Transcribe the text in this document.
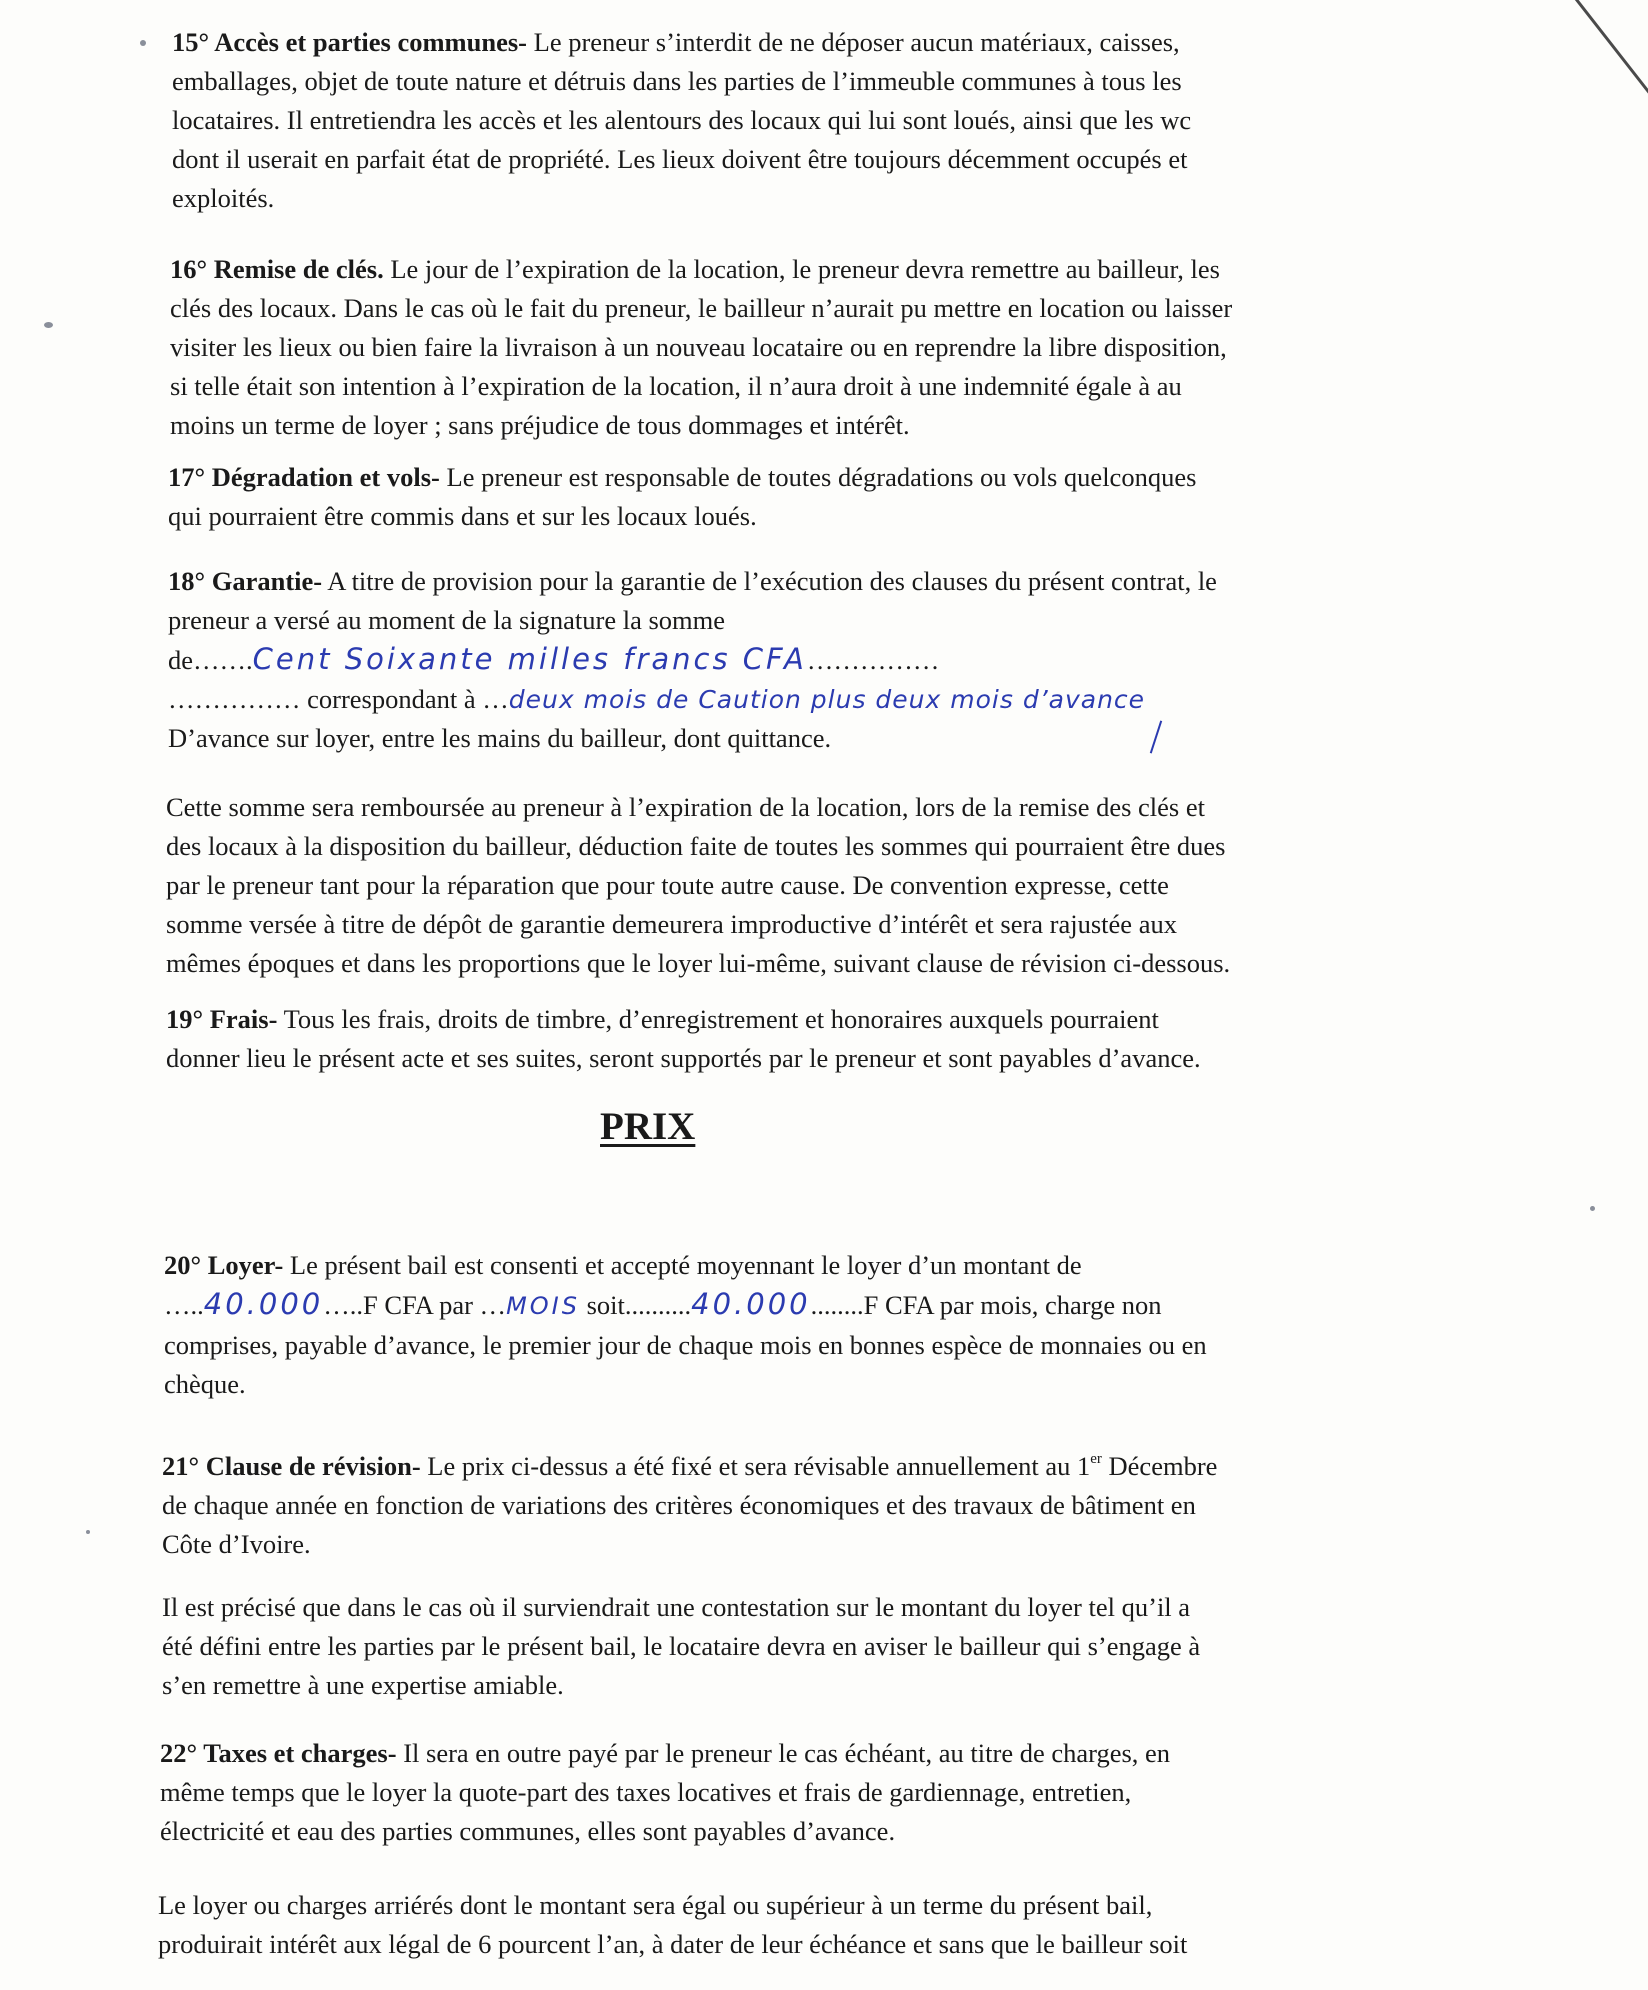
15° Accès et parties communes- Le preneur s’interdit de ne déposer aucun matériaux, caisses,
emballages, objet de toute nature et détruis dans les parties de l’immeuble communes à tous les
locataires. Il entretiendra les accès et les alentours des locaux qui lui sont loués, ainsi que les wc
dont il userait en parfait état de propriété. Les lieux doivent être toujours décemment occupés et
exploités.
16° Remise de clés. Le jour de l’expiration de la location, le preneur devra remettre au bailleur, les
clés des locaux. Dans le cas où le fait du preneur, le bailleur n’aurait pu mettre en location ou laisser
visiter les lieux ou bien faire la livraison à un nouveau locataire ou en reprendre la libre disposition,
si telle était son intention à l’expiration de la location, il n’aura droit à une indemnité égale à au
moins un terme de loyer ; sans préjudice de tous dommages et intérêt.
17° Dégradation et vols- Le preneur est responsable de toutes dégradations ou vols quelconques
qui pourraient être commis dans et sur les locaux loués.
18° Garantie- A titre de provision pour la garantie de l’exécution des clauses du présent contrat, le
preneur a versé au moment de la signature la somme
de…….Cent Soixante milles francs CFA……………
…………… correspondant à …deux mois de Caution plus deux mois d’avance
D’avance sur loyer, entre les mains du bailleur, dont quittance.
Cette somme sera remboursée au preneur à l’expiration de la location, lors de la remise des clés et
des locaux à la disposition du bailleur, déduction faite de toutes les sommes qui pourraient être dues
par le preneur tant pour la réparation que pour toute autre cause. De convention expresse, cette
somme versée à titre de dépôt de garantie demeurera improductive d’intérêt et sera rajustée aux
mêmes époques et dans les proportions que le loyer lui-même, suivant clause de révision ci-dessous.
19° Frais- Tous les frais, droits de timbre, d’enregistrement et honoraires auxquels pourraient
donner lieu le présent acte et ses suites, seront supportés par le preneur et sont payables d’avance.
PRIX
20° Loyer- Le présent bail est consenti et accepté moyennant le loyer d’un montant de
…..40.000…..F CFA par …MOIS soit..........40.000........F CFA par mois, charge non
comprises, payable d’avance, le premier jour de chaque mois en bonnes espèce de monnaies ou en
chèque.
21° Clause de révision- Le prix ci-dessus a été fixé et sera révisable annuellement au 1er Décembre
de chaque année en fonction de variations des critères économiques et des travaux de bâtiment en
Côte d’Ivoire.
Il est précisé que dans le cas où il surviendrait une contestation sur le montant du loyer tel qu’il a
été défini entre les parties par le présent bail, le locataire devra en aviser le bailleur qui s’engage à
s’en remettre à une expertise amiable.
22° Taxes et charges- Il sera en outre payé par le preneur le cas échéant, au titre de charges, en
même temps que le loyer la quote-part des taxes locatives et frais de gardiennage, entretien,
électricité et eau des parties communes, elles sont payables d’avance.
Le loyer ou charges arriérés dont le montant sera égal ou supérieur à un terme du présent bail,
produirait intérêt aux légal de 6 pourcent l’an, à dater de leur échéance et sans que le bailleur soit
